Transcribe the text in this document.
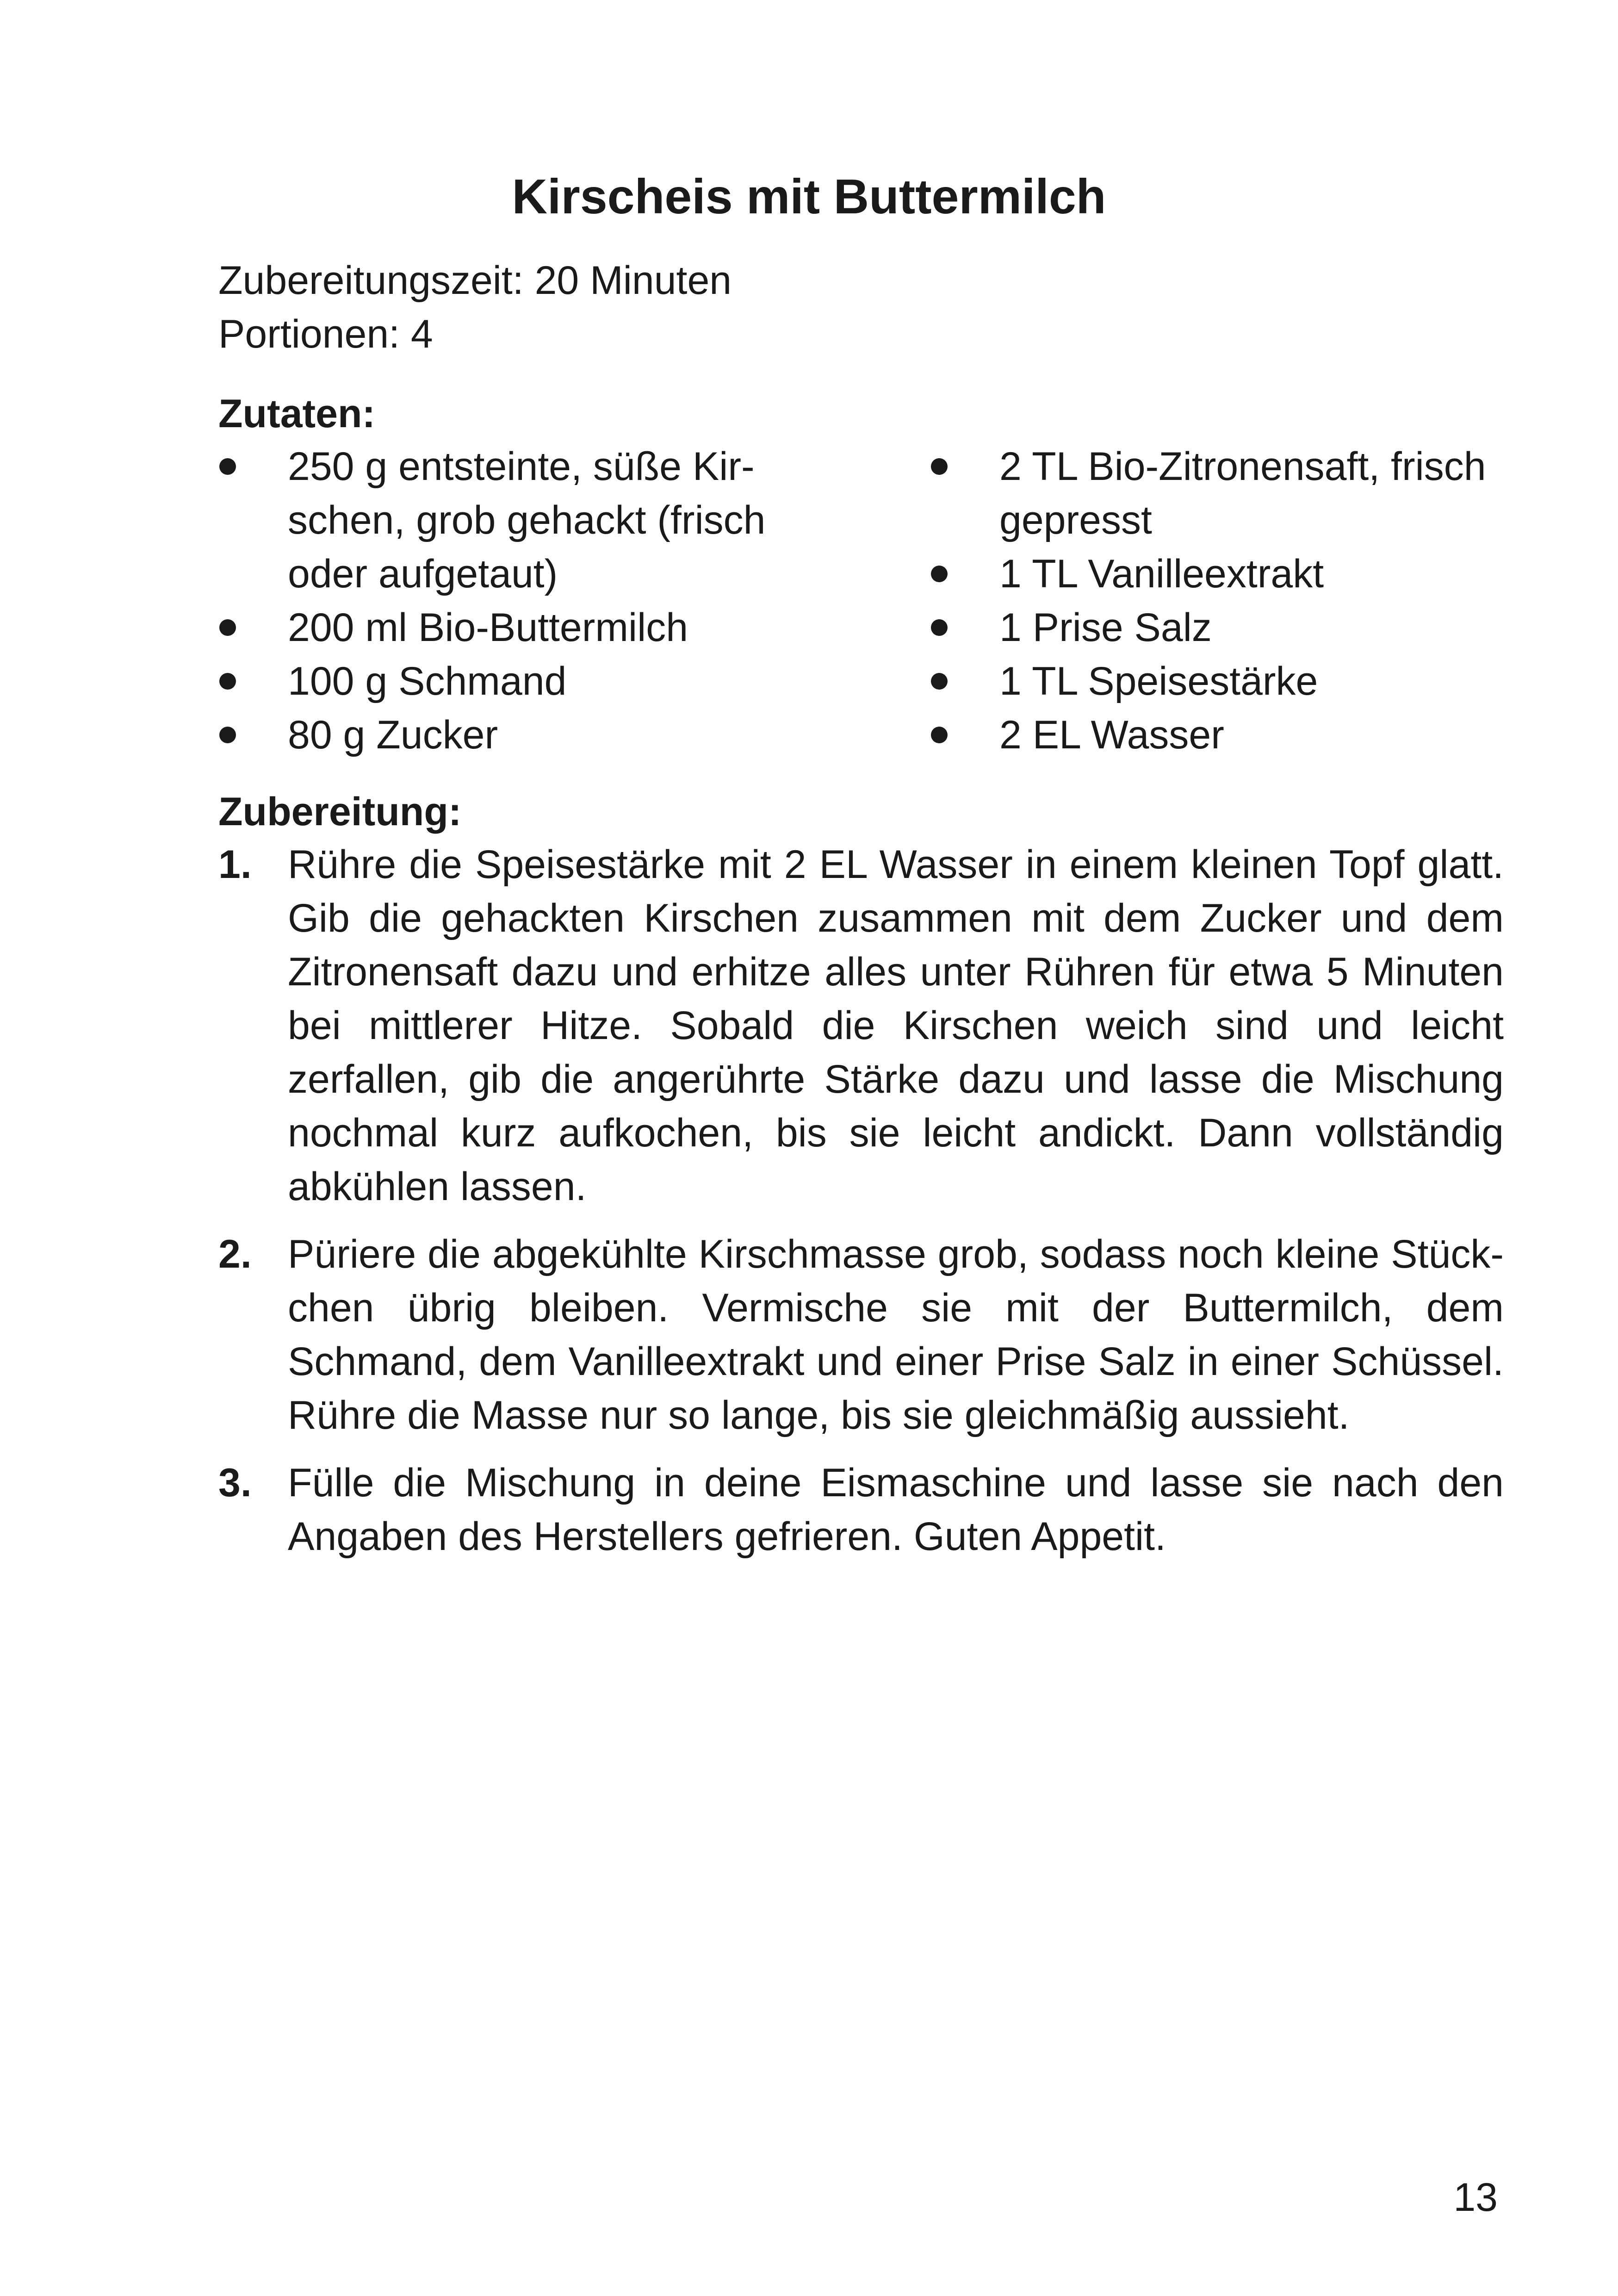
Kirscheis mit Buttermilch
Zubereitungszeit: 20 Minuten
Portionen: 4
Zutaten:
250 g entsteinte, süße Kirschen, grob gehackt (frisch oder aufgetaut)
200 ml Bio-Buttermilch
100 g Schmand
80 g Zucker
2 TL Bio-Zitronensaft, frisch gepresst
1 TL Vanilleextrakt
1 Prise Salz
1 TL Speisestärke
2 EL Wasser
Zubereitung:
1. Rühre die Speisestärke mit 2 EL Wasser in einem kleinen Topf glatt. Gib die gehackten Kirschen zusammen mit dem Zucker und dem Zitronensaft dazu und erhitze alles unter Rühren für etwa 5 Minuten bei mittlerer Hitze. Sobald die Kirschen weich sind und leicht zerfallen, gib die angerührte Stärke dazu und lasse die Mischung nochmal kurz aufkochen, bis sie leicht andickt. Dann vollständig abkühlen lassen.
2. Püriere die abgekühlte Kirschmasse grob, sodass noch kleine Stückchen übrig bleiben. Vermische sie mit der Buttermilch, dem Schmand, dem Vanilleextrakt und einer Prise Salz in einer Schüssel. Rühre die Masse nur so lange, bis sie gleichmäßig aussieht.
3. Fülle die Mischung in deine Eismaschine und lasse sie nach den Angaben des Herstellers gefrieren. Guten Appetit.
13
